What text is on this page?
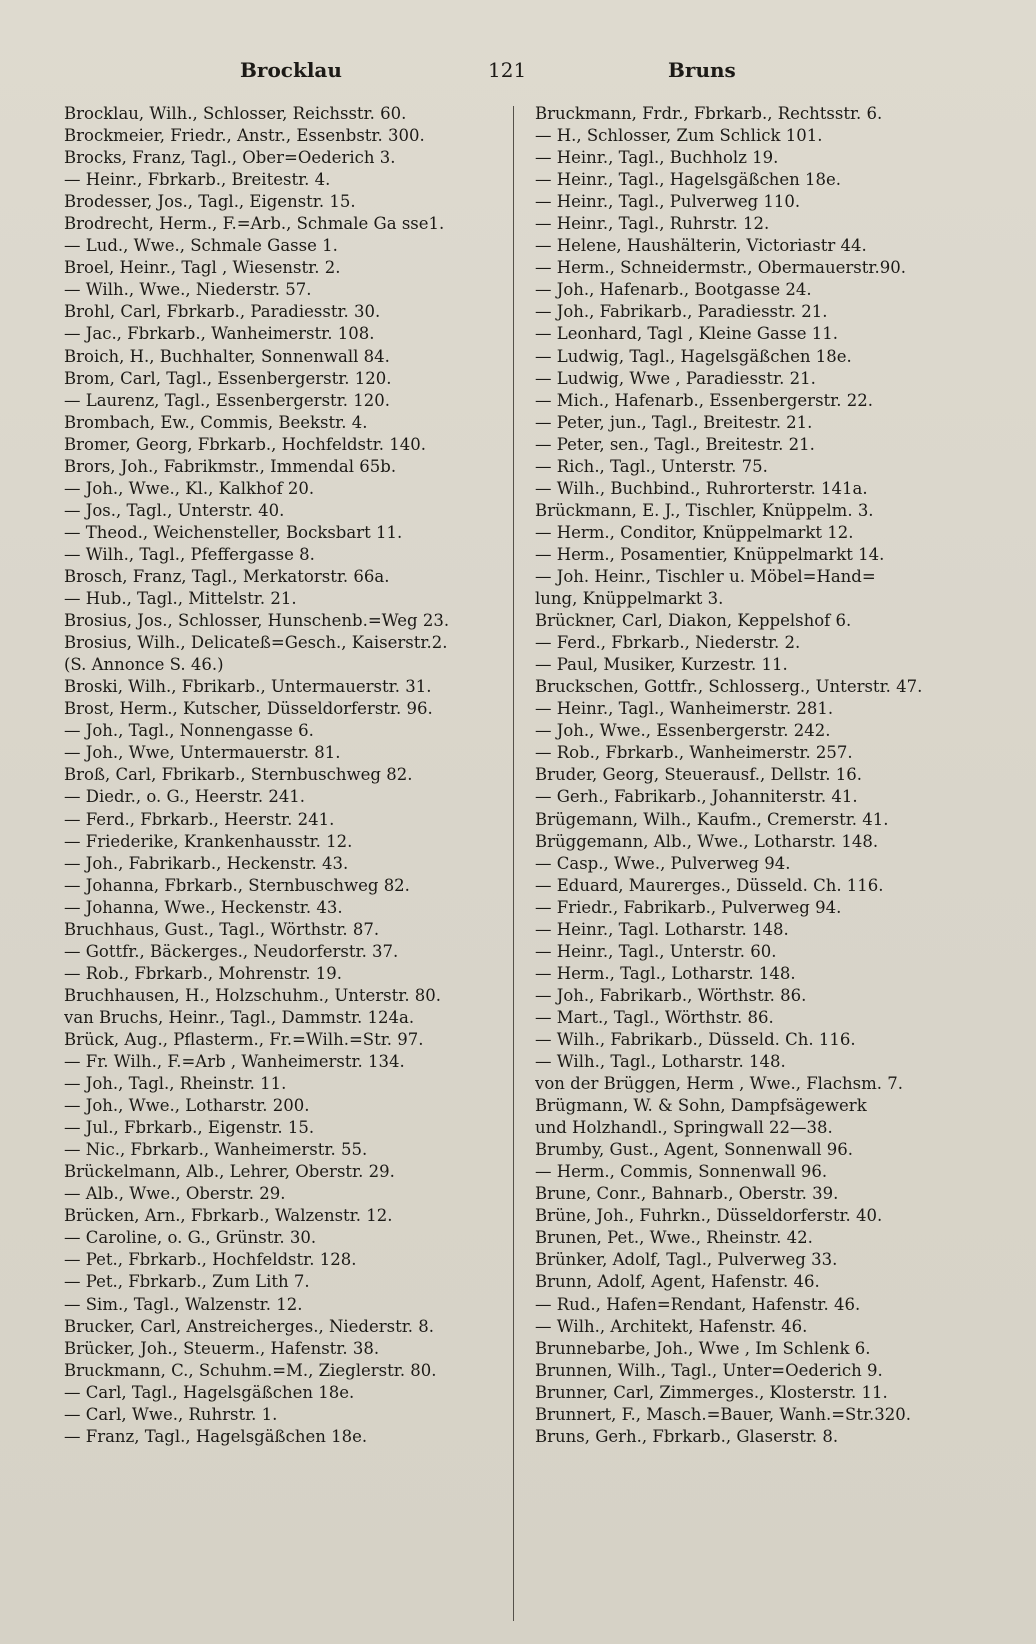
Brocklau	121	Bruns
Brocklau, Wilh., Schlosser, Reichsstr. 60.
Brockmeier, Friedr., Anstr., Essenbstr. 300.
Brocks, Franz, Tagl., Ober=Oederich 3.
— Heinr., Fbrkarb., Breitestr. 4.
Brodesser, Jos., Tagl., Eigenstr. 15.
Brodrecht, Herm., F.=Arb., Schmale Ga sse1.
— Lud., Wwe., Schmale Gasse 1.
Broel, Heinr., Tagl , Wiesenstr. 2.
— Wilh., Wwe., Niederstr. 57.
Brohl, Carl, Fbrkarb., Paradiesstr. 30.
— Jac., Fbrkarb., Wanheimerstr. 108.
Broich, H., Buchhalter, Sonnenwall 84.
Brom, Carl, Tagl., Essenbergerstr. 120.
— Laurenz, Tagl., Essenbergerstr. 120.
Brombach, Ew., Commis, Beekstr. 4.
Bromer, Georg, Fbrkarb., Hochfeldstr. 140.
Brors, Joh., Fabrikmstr., Immendal 65b.
— Joh., Wwe., Kl., Kalkhof 20.
— Jos., Tagl., Unterstr. 40.
— Theod., Weichensteller, Bocksbart 11.
— Wilh., Tagl., Pfeffergasse 8.
Brosch, Franz, Tagl., Merkatorstr. 66a.
— Hub., Tagl., Mittelstr. 21.
Brosius, Jos., Schlosser, Hunschenb.=Weg 23.
Brosius, Wilh., Delicateß=Gesch., Kaiserstr.2.
(S. Annonce S. 46.)
Broski, Wilh., Fbrikarb., Untermauerstr. 31.
Brost, Herm., Kutscher, Düsseldorferstr. 96.
— Joh., Tagl., Nonnengasse 6.
— Joh., Wwe, Untermauerstr. 81.
Broß, Carl, Fbrikarb., Sternbuschweg 82.
— Diedr., o. G., Heerstr. 241.
— Ferd., Fbrkarb., Heerstr. 241.
— Friederike, Krankenhausstr. 12.
— Joh., Fabrikarb., Heckenstr. 43.
— Johanna, Fbrkarb., Sternbuschweg 82.
— Johanna, Wwe., Heckenstr. 43.
Bruchhaus, Gust., Tagl., Wörthstr. 87.
— Gottfr., Bäckerges., Neudorferstr. 37.
— Rob., Fbrkarb., Mohrenstr. 19.
Bruchhausen, H., Holzschuhm., Unterstr. 80.
van Bruchs, Heinr., Tagl., Dammstr. 124a.
Brück, Aug., Pflasterm., Fr.=Wilh.=Str. 97.
— Fr. Wilh., F.=Arb , Wanheimerstr. 134.
— Joh., Tagl., Rheinstr. 11.
— Joh., Wwe., Lotharstr. 200.
— Jul., Fbrkarb., Eigenstr. 15.
— Nic., Fbrkarb., Wanheimerstr. 55.
Brückelmann, Alb., Lehrer, Oberstr. 29.
— Alb., Wwe., Oberstr. 29.
Brücken, Arn., Fbrkarb., Walzenstr. 12.
— Caroline, o. G., Grünstr. 30.
— Pet., Fbrkarb., Hochfeldstr. 128.
— Pet., Fbrkarb., Zum Lith 7.
— Sim., Tagl., Walzenstr. 12.
Brucker, Carl, Anstreicherges., Niederstr. 8.
Brücker, Joh., Steuerm., Hafenstr. 38.
Bruckmann, C., Schuhm.=M., Zieglerstr. 80.
— Carl, Tagl., Hagelsgäßchen 18e.
— Carl, Wwe., Ruhrstr. 1.
— Franz, Tagl., Hagelsgäßchen 18e.
Bruckmann, Frdr., Fbrkarb., Rechtsstr. 6.
— H., Schlosser, Zum Schlick 101.
— Heinr., Tagl., Buchholz 19.
— Heinr., Tagl., Hagelsgäßchen 18e.
— Heinr., Tagl., Pulverweg 110.
— Heinr., Tagl., Ruhrstr. 12.
— Helene, Haushälterin, Victoriastr 44.
— Herm., Schneidermstr., Obermauerstr.90.
— Joh., Hafenarb., Bootgasse 24.
— Joh., Fabrikarb., Paradiesstr. 21.
— Leonhard, Tagl , Kleine Gasse 11.
— Ludwig, Tagl., Hagelsgäßchen 18e.
— Ludwig, Wwe , Paradiesstr. 21.
— Mich., Hafenarb., Essenbergerstr. 22.
— Peter, jun., Tagl., Breitestr. 21.
— Peter, sen., Tagl., Breitestr. 21.
— Rich., Tagl., Unterstr. 75.
— Wilh., Buchbind., Ruhrorterstr. 141a.
Brückmann, E. J., Tischler, Knüppelm. 3.
— Herm., Conditor, Knüppelmarkt 12.
— Herm., Posamentier, Knüppelmarkt 14.
— Joh. Heinr., Tischler u. Möbel=Hand=
lung, Knüppelmarkt 3.
Brückner, Carl, Diakon, Keppelshof 6.
— Ferd., Fbrkarb., Niederstr. 2.
— Paul, Musiker, Kurzestr. 11.
Bruckschen, Gottfr., Schlosserg., Unterstr. 47.
— Heinr., Tagl., Wanheimerstr. 281.
— Joh., Wwe., Essenbergerstr. 242.
— Rob., Fbrkarb., Wanheimerstr. 257.
Bruder, Georg, Steuerausf., Dellstr. 16.
— Gerh., Fabrikarb., Johanniterstr. 41.
Brügemann, Wilh., Kaufm., Cremerstr. 41.
Brüggemann, Alb., Wwe., Lotharstr. 148.
— Casp., Wwe., Pulverweg 94.
— Eduard, Maurerges., Düsseld. Ch. 116.
— Friedr., Fabrikarb., Pulverweg 94.
— Heinr., Tagl. Lotharstr. 148.
— Heinr., Tagl., Unterstr. 60.
— Herm., Tagl., Lotharstr. 148.
— Joh., Fabrikarb., Wörthstr. 86.
— Mart., Tagl., Wörthstr. 86.
— Wilh., Fabrikarb., Düsseld. Ch. 116.
— Wilh., Tagl., Lotharstr. 148.
von der Brüggen, Herm , Wwe., Flachsm. 7.
Brügmann, W. & Sohn, Dampfsägewerk
und Holzhandl., Springwall 22—38.
Brumby, Gust., Agent, Sonnenwall 96.
— Herm., Commis, Sonnenwall 96.
Brune, Conr., Bahnarb., Oberstr. 39.
Brüne, Joh., Fuhrkn., Düsseldorferstr. 40.
Brunen, Pet., Wwe., Rheinstr. 42.
Brünker, Adolf, Tagl., Pulverweg 33.
Brunn, Adolf, Agent, Hafenstr. 46.
— Rud., Hafen=Rendant, Hafenstr. 46.
— Wilh., Architekt, Hafenstr. 46.
Brunnebarbe, Joh., Wwe , Im Schlenk 6.
Brunnen, Wilh., Tagl., Unter=Oederich 9.
Brunner, Carl, Zimmerges., Klosterstr. 11.
Brunnert, F., Masch.=Bauer, Wanh.=Str.320.
Bruns, Gerh., Fbrkarb., Glaserstr. 8.
